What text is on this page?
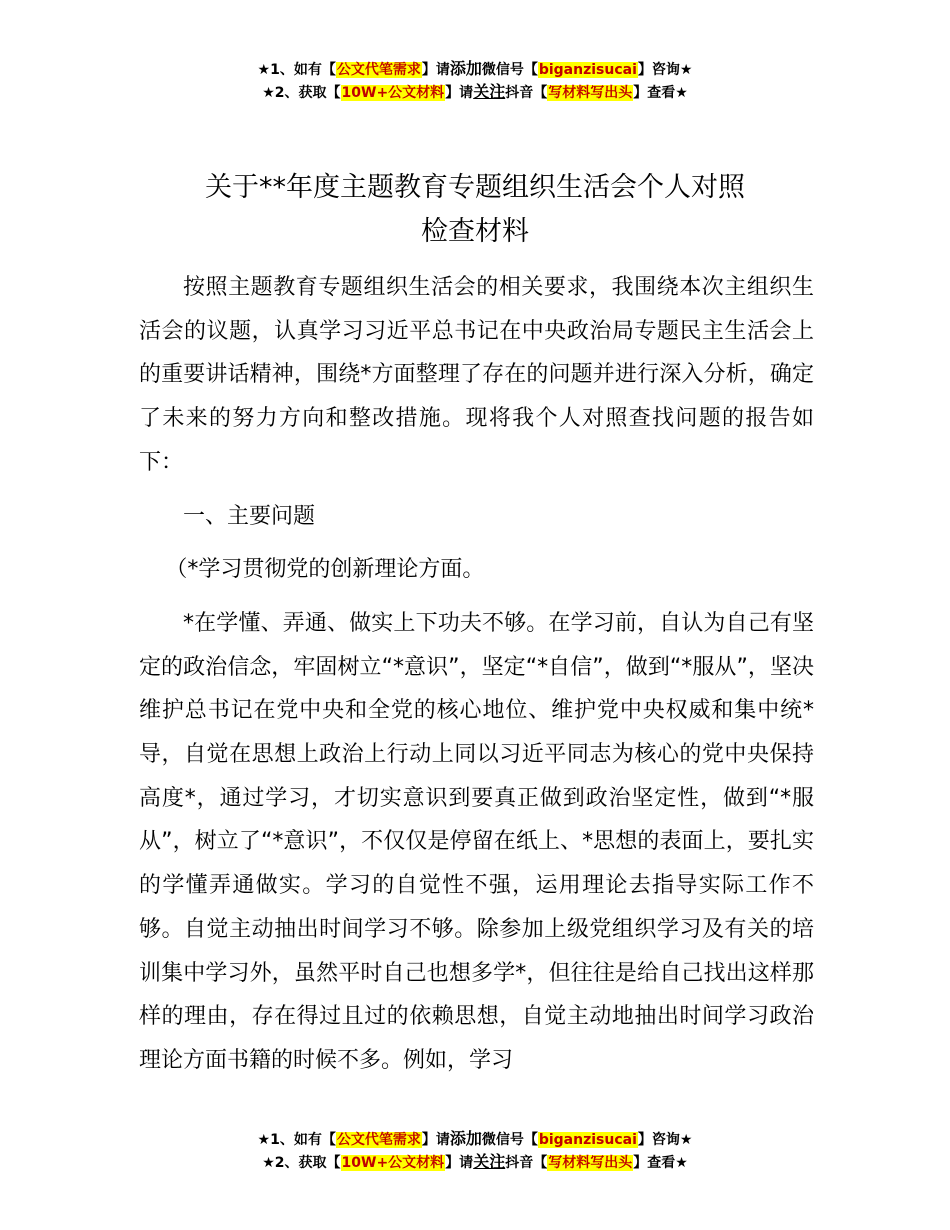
★1、如有【公文代笔需求】请添加微信号【biganzisucai】咨询★
★2、获取【10W+公文材料】请关注抖音【写材料写出头】查看★
关于**年度主题教育专题组织生活会个人对照
检查材料

按照主题教育专题组织生活会的相关要求，我围绕本次主组织生活会的议题，认真学习习近平总书记在中央政治局专题民主生活会上的重要讲话精神，围绕*方面整理了存在的问题并进行深入分析，确定了未来的努力方向和整改措施。现将我个人对照查找问题的报告如下：

一、主要问题

（*学习贯彻党的创新理论方面。

*在学懂、弄通、做实上下功夫不够。在学习前，自认为自己有坚定的政治信念，牢固树立“*意识”，坚定“*自信”，做到“*服从”，坚决维护总书记在党中央和全党的核心地位、维护党中央权威和集中统*导，自觉在思想上政治上行动上同以习近平同志为核心的党中央保持高度*，通过学习，才切实意识到要真正做到政治坚定性，做到“*服从”，树立了“*意识”，不仅仅是停留在纸上、*思想的表面上，要扎实的学懂弄通做实。学习的自觉性不强，运用理论去指导实际工作不够。自觉主动抽出时间学习不够。除参加上级党组织学习及有关的培训集中学习外，虽然平时自己也想多学*，但往往是给自己找出这样那样的理由，存在得过且过的依赖思想，自觉主动地抽出时间学习政治理论方面书籍的时候不多。例如，学习

★1、如有【公文代笔需求】请添加微信号【biganzisucai】咨询★
★2、获取【10W+公文材料】请关注抖音【写材料写出头】查看★
